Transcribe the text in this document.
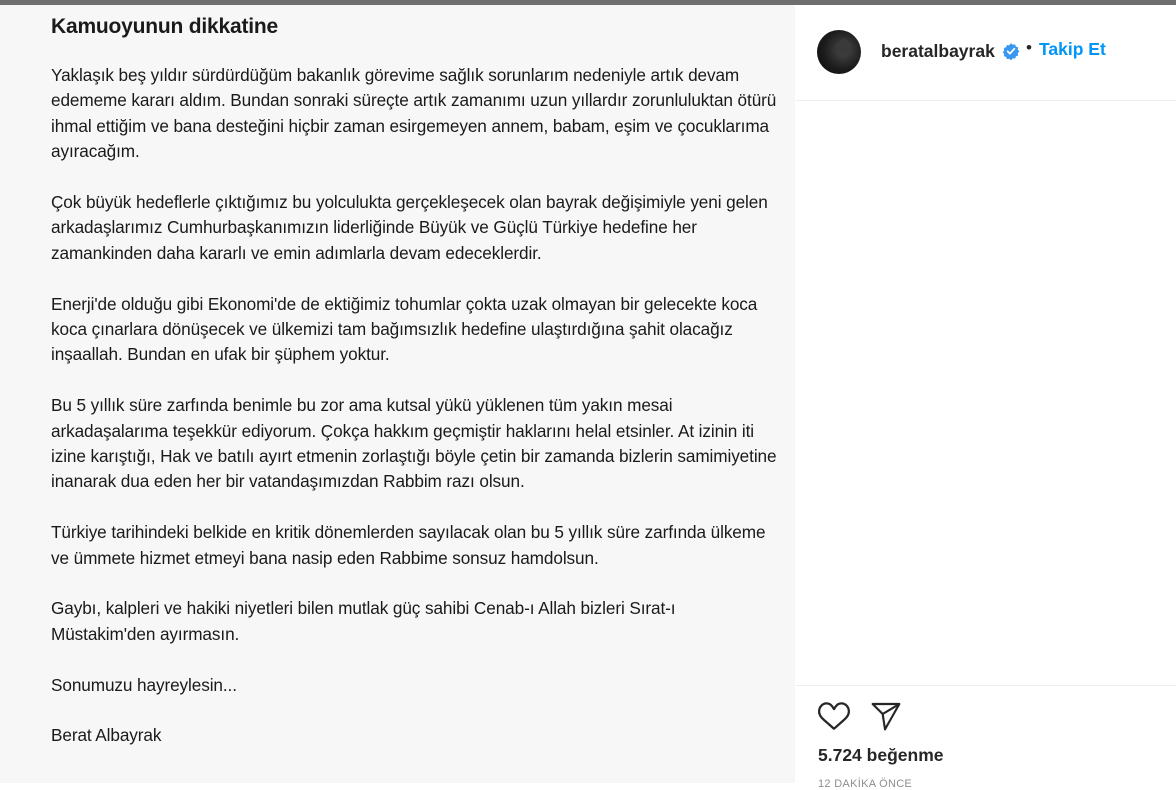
Kamuoyunun dikkatine

Yaklaşık beş yıldır sürdürdüğüm bakanlık görevime sağlık sorunlarım nedeniyle artık devam edememe kararı aldım. Bundan sonraki süreçte artık zamanımı uzun yıllardır zorunluluktan ötürü ihmal ettiğim ve bana desteğini hiçbir zaman esirgemeyen annem, babam, eşim ve çocuklarıma ayıracağım.

Çok büyük hedeflerle çıktığımız bu yolculukta gerçekleşecek olan bayrak değişimiyle yeni gelen arkadaşlarımız Cumhurbaşkanımızın liderliğinde Büyük ve Güçlü Türkiye hedefine her zamankinden daha kararlı ve emin adımlarla devam edeceklerdir.

Enerji'de olduğu gibi Ekonomi'de de ektiğimiz tohumlar çokta uzak olmayan bir gelecekte koca koca çınarlara dönüşecek ve ülkemizi tam bağımsızlık hedefine ulaştırdığına şahit olacağız inşaallah. Bundan en ufak bir şüphem yoktur.

Bu 5 yıllık süre zarfında benimle bu zor ama kutsal yükü yüklenen tüm yakın mesai arkadaşalarıma teşekkür ediyorum. Çokça hakkım geçmiştir haklarını helal etsinler. At izinin iti izine karıştığı, Hak ve batılı ayırt etmenin zorlaştığı böyle çetin bir zamanda bizlerin samimiyetine inanarak dua eden her bir vatandaşımızdan Rabbim razı olsun.

Türkiye tarihindeki belkide en kritik dönemlerden sayılacak olan bu 5 yıllık süre zarfında ülkeme ve ümmete hizmet etmeyi bana nasip eden Rabbime sonsuz hamdolsun.

Gaybı, kalpleri ve hakiki niyetleri bilen mutlak güç sahibi Cenab-ı Allah bizleri Sırat-ı Müstakim'den ayırmasın.

Sonumuzu hayreylesin...

Berat Albayrak

beratalbayrak • Takip Et
5.724 beğenme
12 DAKİKA ÖNCE
